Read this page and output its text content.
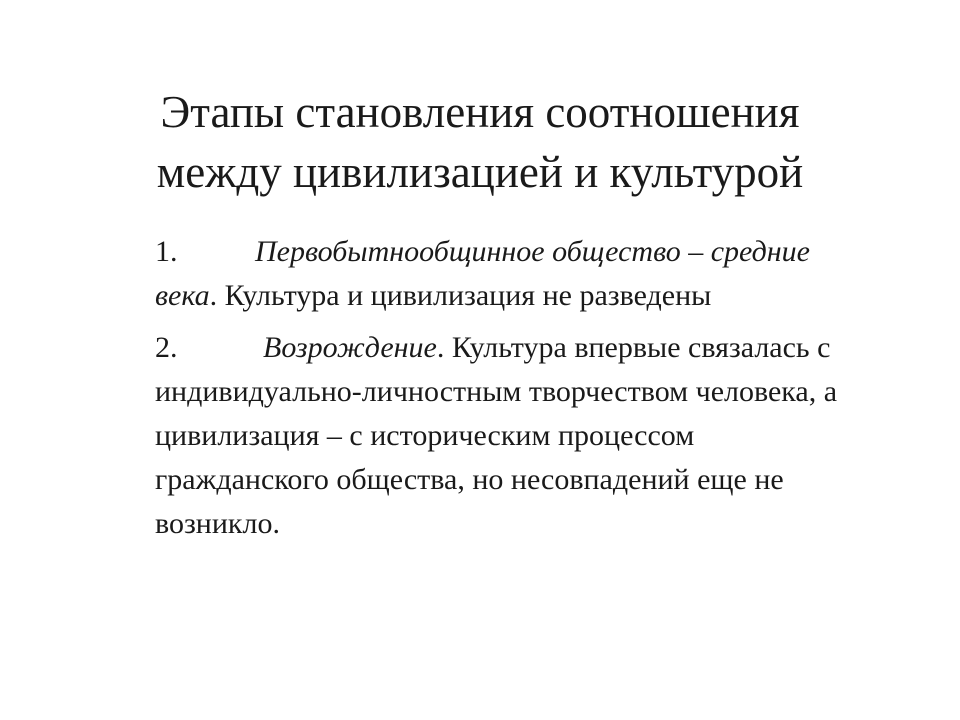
Этапы становления соотношения
между цивилизацией и культурой
1.	Первобытнообщинное общество – средние века. Культура и цивилизация не разведены
2.	Возрождение. Культура впервые связалась с индивидуально-личностным творчеством человека, а цивилизация – с историческим процессом гражданского общества, но несовпадений еще не возникло.
